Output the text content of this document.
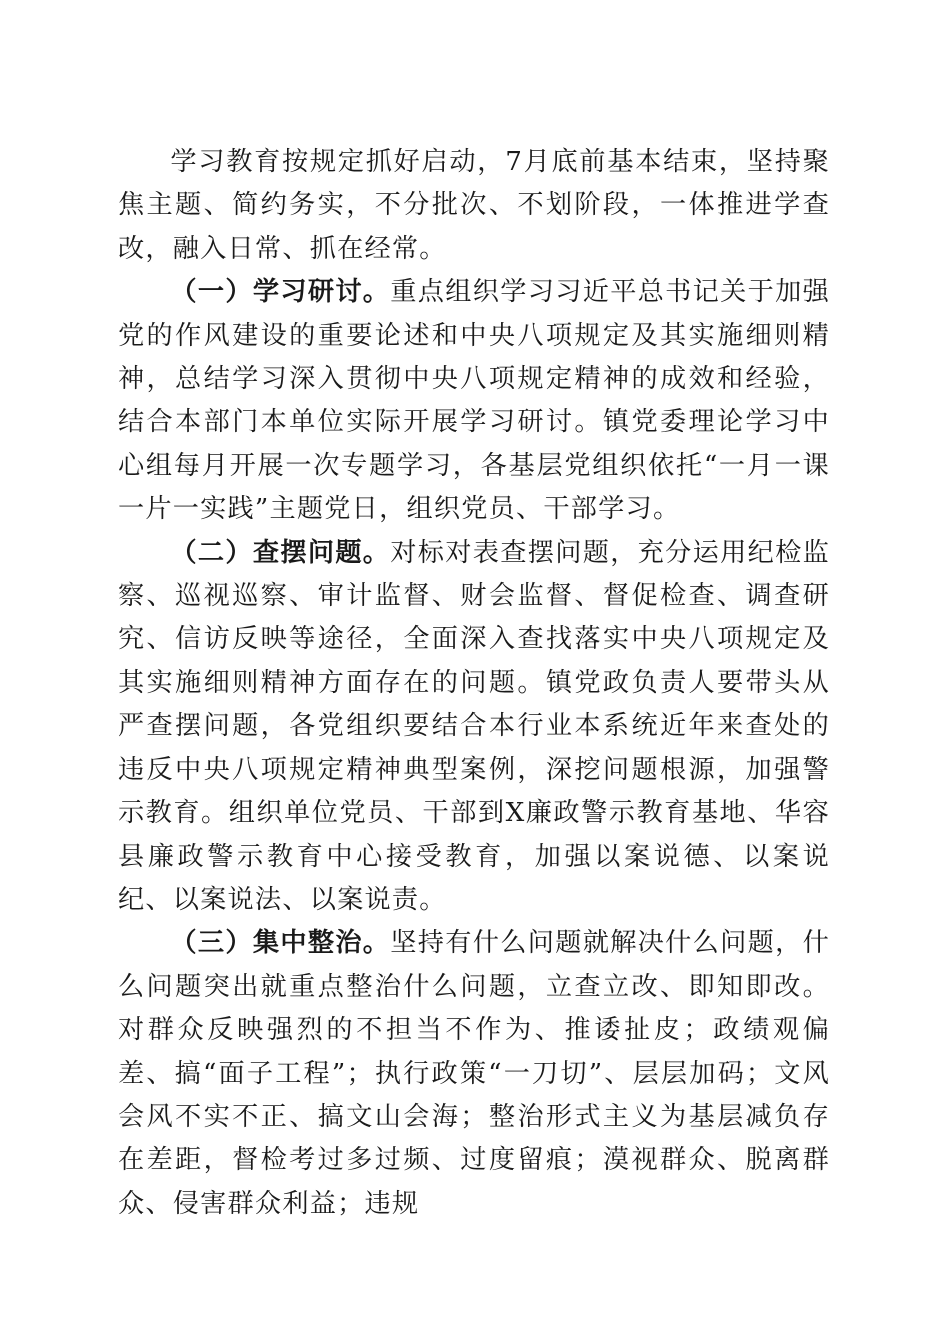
学习教育按规定抓好启动，7月底前基本结束，坚持聚焦主题、简约务实，不分批次、不划阶段，一体推进学查改，融入日常、抓在经常。

（一）学习研讨。重点组织学习习近平总书记关于加强党的作风建设的重要论述和中央八项规定及其实施细则精神，总结学习深入贯彻中央八项规定精神的成效和经验，结合本部门本单位实际开展学习研讨。镇党委理论学习中心组每月开展一次专题学习，各基层党组织依托“一月一课一片一实践”主题党日，组织党员、干部学习。

（二）查摆问题。对标对表查摆问题，充分运用纪检监察、巡视巡察、审计监督、财会监督、督促检查、调查研究、信访反映等途径，全面深入查找落实中央八项规定及其实施细则精神方面存在的问题。镇党政负责人要带头从严查摆问题，各党组织要结合本行业本系统近年来查处的违反中央八项规定精神典型案例，深挖问题根源，加强警示教育。组织单位党员、干部到X廉政警示教育基地、华容县廉政警示教育中心接受教育，加强以案说德、以案说纪、以案说法、以案说责。

（三）集中整治。坚持有什么问题就解决什么问题，什么问题突出就重点整治什么问题，立查立改、即知即改。对群众反映强烈的不担当不作为、推诿扯皮；政绩观偏差、搞“面子工程”；执行政策“一刀切”、层层加码；文风会风不实不正、搞文山会海；整治形式主义为基层减负存在差距，督检考过多过频、过度留痕；漠视群众、脱离群众、侵害群众利益；违规
